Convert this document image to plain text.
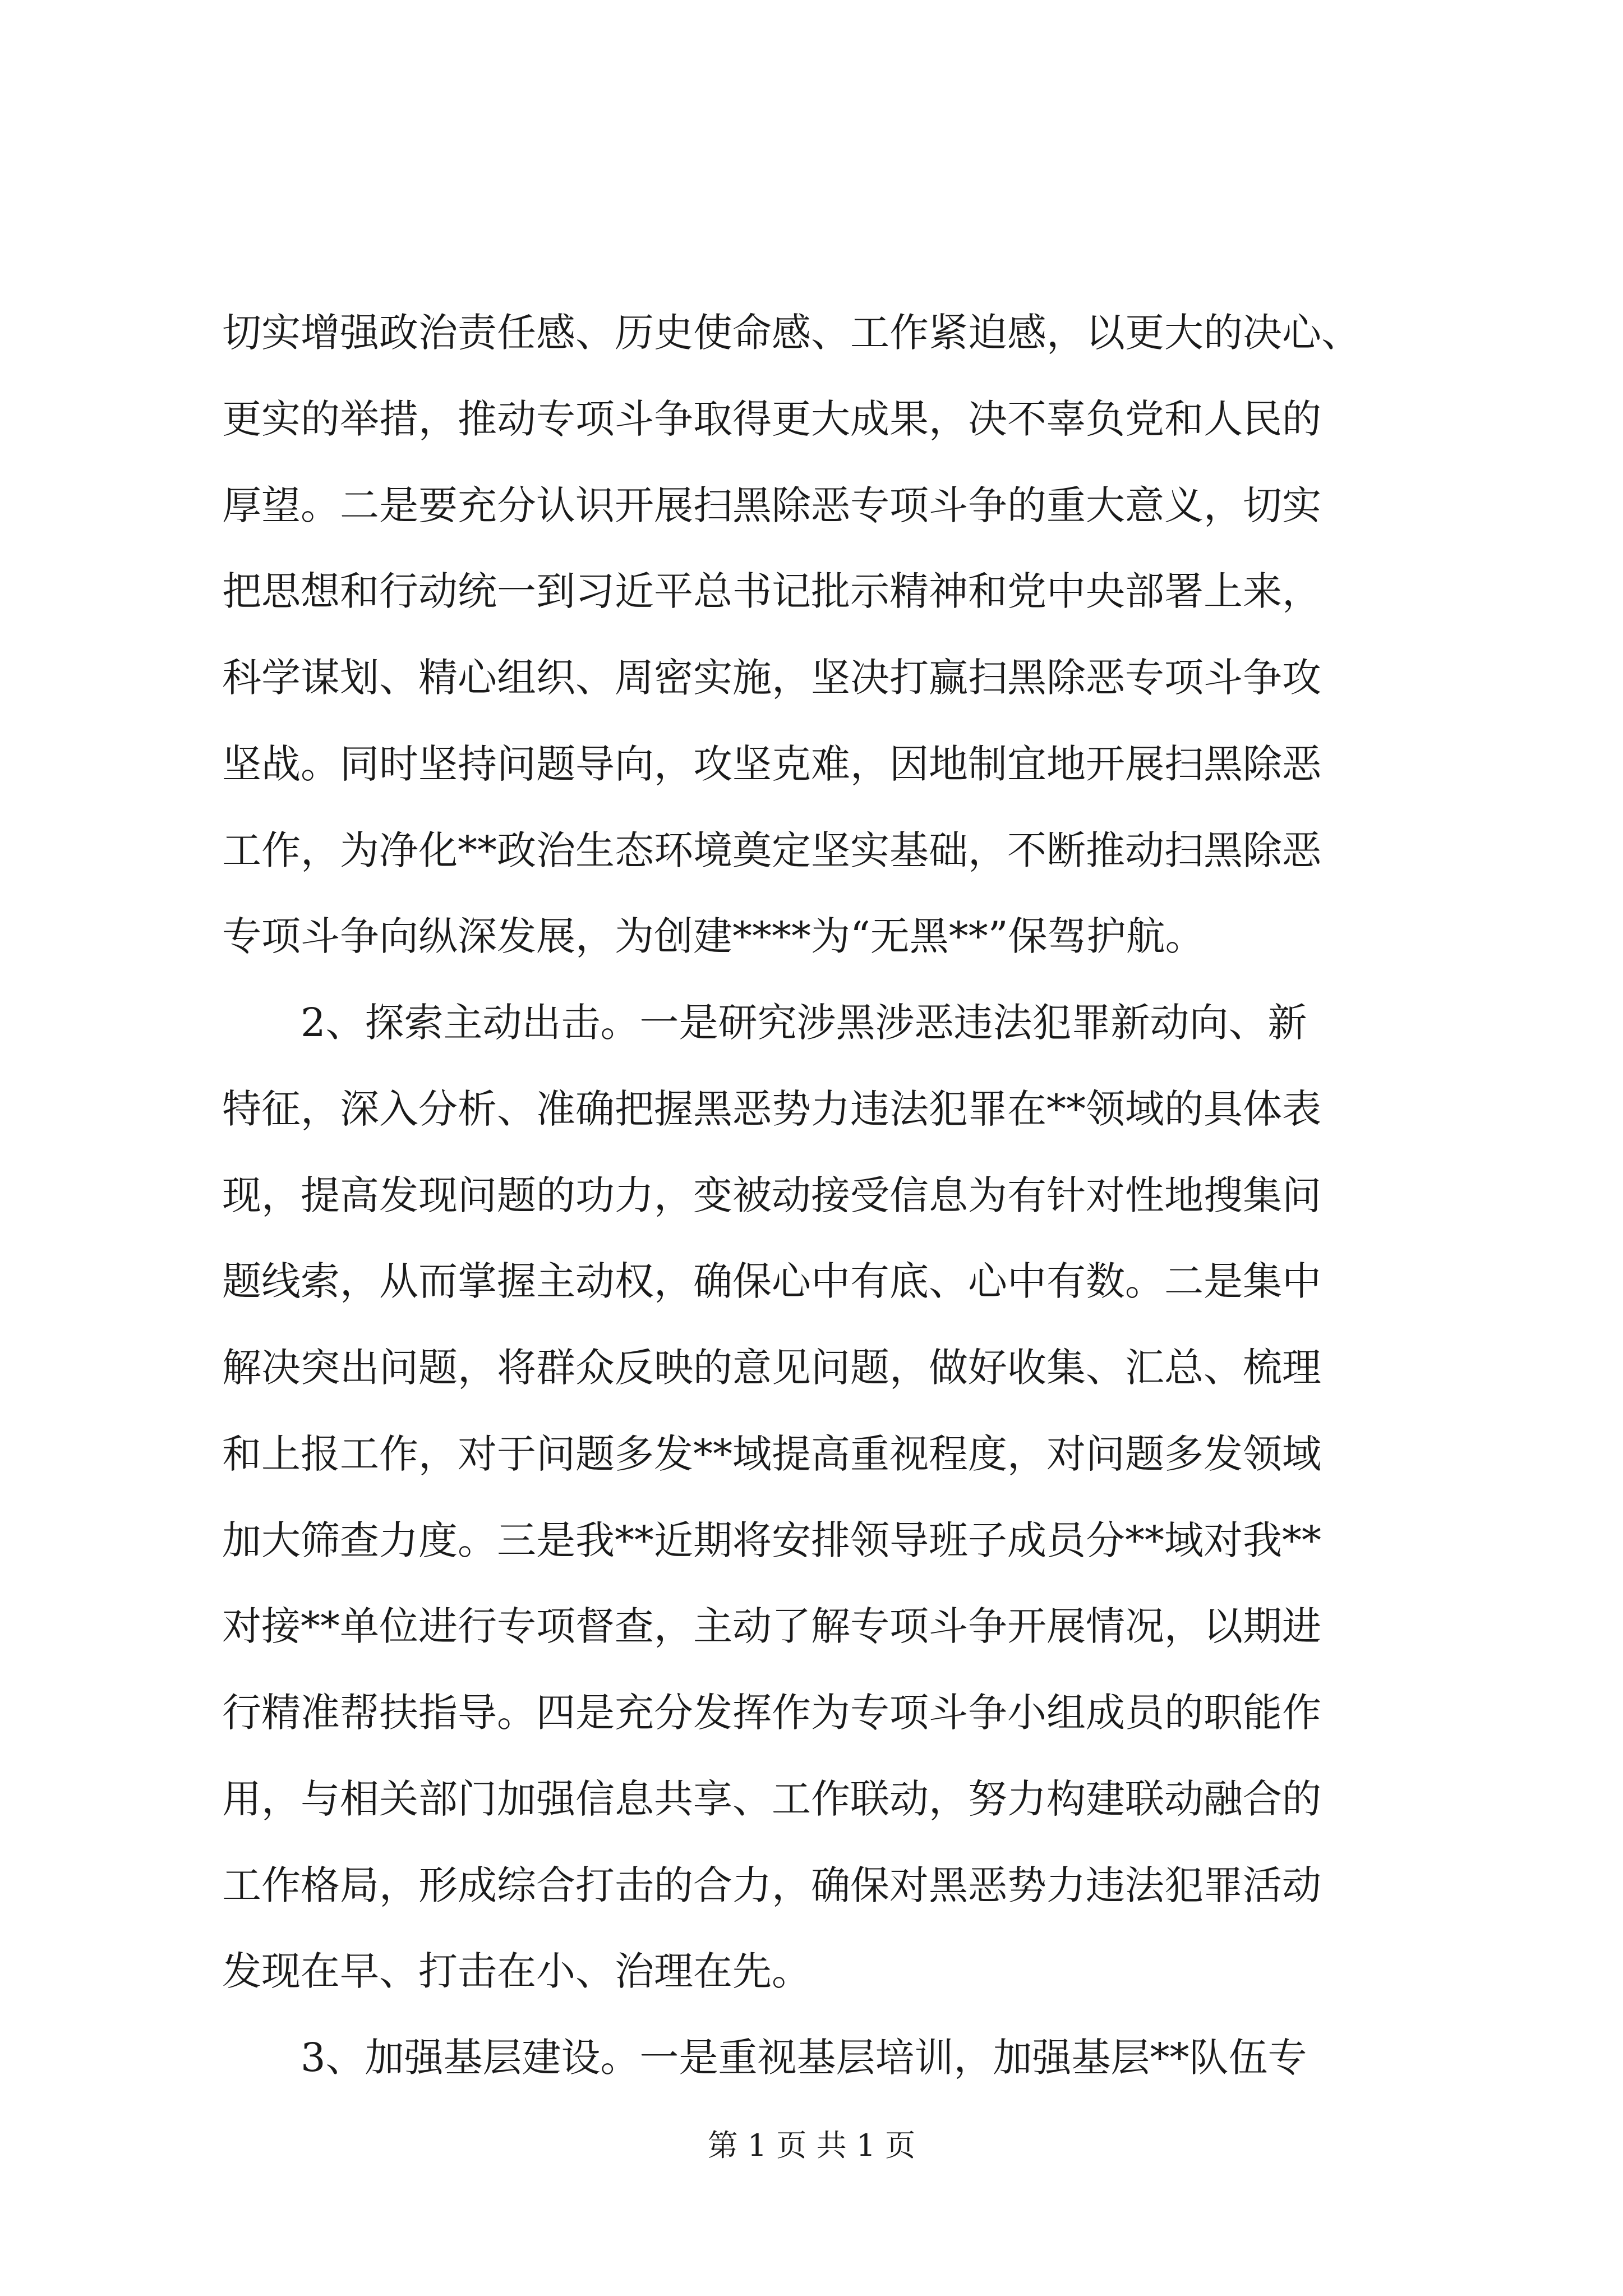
切实增强政治责任感、历史使命感、工作紧迫感，以更大的决心、
更实的举措，推动专项斗争取得更大成果，决不辜负党和人民的
厚望。二是要充分认识开展扫黑除恶专项斗争的重大意义，切实
把思想和行动统一到习近平总书记批示精神和党中央部署上来，
科学谋划、精心组织、周密实施，坚决打赢扫黑除恶专项斗争攻
坚战。同时坚持问题导向，攻坚克难，因地制宜地开展扫黑除恶
工作，为净化**政治生态环境奠定坚实基础，不断推动扫黑除恶
专项斗争向纵深发展，为创建****为“无黑**”保驾护航。
　　2、探索主动出击。一是研究涉黑涉恶违法犯罪新动向、新
特征，深入分析、准确把握黑恶势力违法犯罪在**领域的具体表
现，提高发现问题的功力，变被动接受信息为有针对性地搜集问
题线索，从而掌握主动权，确保心中有底、心中有数。二是集中
解决突出问题，将群众反映的意见问题，做好收集、汇总、梳理
和上报工作，对于问题多发**域提高重视程度，对问题多发领域
加大筛查力度。三是我**近期将安排领导班子成员分**域对我**
对接**单位进行专项督查，主动了解专项斗争开展情况，以期进
行精准帮扶指导。四是充分发挥作为专项斗争小组成员的职能作
用，与相关部门加强信息共享、工作联动，努力构建联动融合的
工作格局，形成综合打击的合力，确保对黑恶势力违法犯罪活动
发现在早、打击在小、治理在先。
第 1 页 共 1 页
　　3、加强基层建设。一是重视基层培训，加强基层**队伍专
